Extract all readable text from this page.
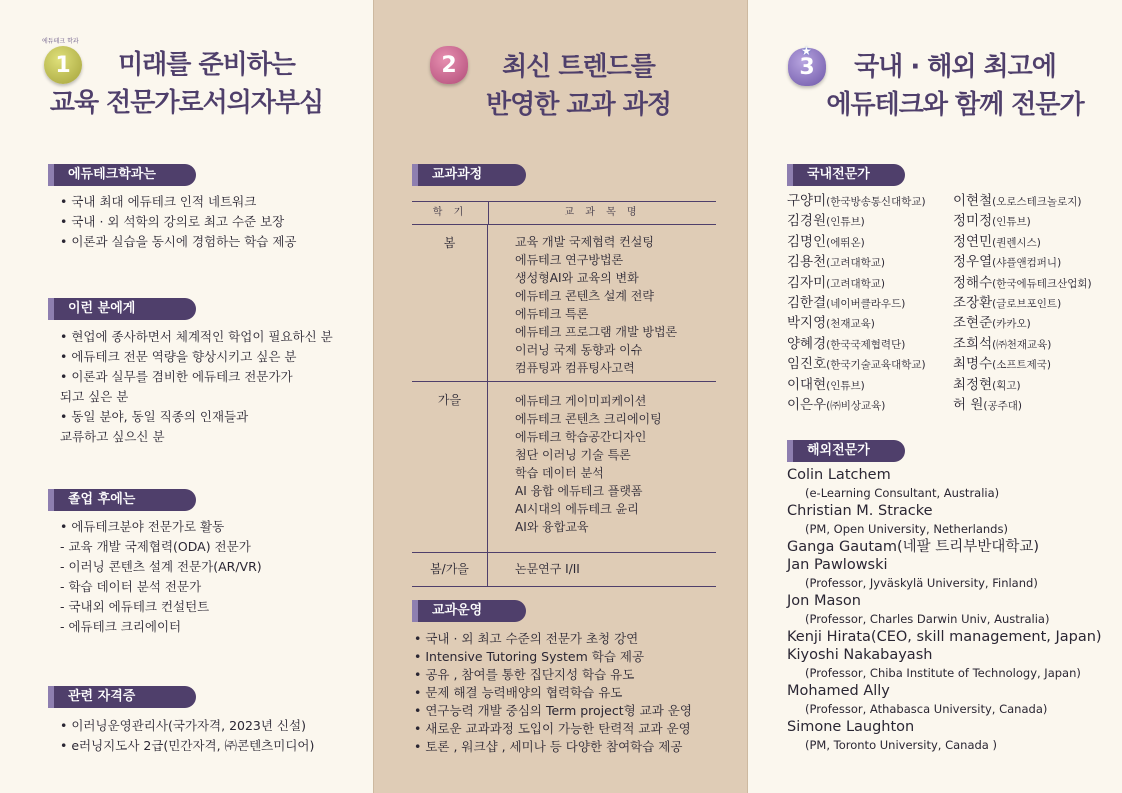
에듀테크 학과
1	미래를 준비하는
교육 전문가로서의자부심
에듀테크학과는
• 국내 최대 에듀테크 인적 네트워크
• 국내 · 외 석학의 강의로 최고 수준 보장
• 이론과 실습을 동시에 경험하는 학습 제공
이런 분에게
• 현업에 종사하면서 체계적인 학업이 필요하신 분
• 에듀테크 전문 역량을 향상시키고 싶은 분
• 이론과 실무를 겸비한 에듀테크 전문가가
되고 싶은 분
• 동일 분야, 동일 직종의 인재들과
교류하고 싶으신 분
졸업 후에는
• 에듀테크분야 전문가로 활동
- 교육 개발 국제협력(ODA) 전문가
- 이러닝 콘텐츠 설계 전문가(AR/VR)
- 학습 데이터 분석 전문가
- 국내외 에듀테크 컨설턴트
- 에듀테크 크리에이터
관련 자격증
• 이러닝운영관리사(국가자격, 2023년 신설)
• e러닝지도사 2급(민간자격, ㈜콘텐츠미디어)
2	최신 트렌드를
반영한 교과 과정
★
3	국내 · 해외 최고에
에듀테크와 함께 전문가
교과과정
학 기	교 과 목 명
봄	교육 개발 국제협력 컨설팅
에듀테크 연구방법론
생성형AI와 교육의 변화
에듀테크 콘텐츠 설계 전략
에듀테크 특론
에듀테크 프로그램 개발 방법론
이러닝 국제 동향과 이슈
컴퓨팅과 컴퓨팅사고력
가을	에듀테크 게이미피케이션
에듀테크 콘텐츠 크리에이팅
에듀테크 학습공간디자인
첨단 이러닝 기술 특론
학습 데이터 분석
AI 융합 에듀테크 플랫폼
AI시대의 에듀테크 윤리
AI와 융합교육
봄/가을	논문연구 I/II
교과운영
• 국내 · 외 최고 수준의 전문가 초청 강연
• Intensive Tutoring System 학습 제공
• 공유 , 참여를 통한 집단지성 학습 유도
• 문제 해결 능력배양의 협력학습 유도
• 연구능력 개발 중심의 Term project형 교과 운영
• 새로운 교과과정 도입이 가능한 탄력적 교과 운영
• 토론 , 워크샵 , 세미나 등 다양한 참여학습 제공
국내전문가
구양미(한국방송통신대학교)
김경원(인튜브)
김명인(에뛰온)
김용천(고려대학교)
김자미(고려대학교)
김한결(네이버클라우드)
박지영(천재교육)
양혜경(한국국제협력단)
임진호(한국기술교육대학교)
이대현(인튜브)
이은우(㈜비상교육)
이현철(오로스테크놀로지)
정미정(인튜브)
정연민(퀀렌시스)
정우열(샤플앤컴퍼니)
정해수(한국에듀테크산업회)
조장환(글로브포인트)
조현준(카카오)
조희석(㈜천재교육)
최명수(소프트제국)
최정현(획고)
허 원(공주대)
해외전문가
Colin Latchem
(e-Learning Consultant, Australia)
Christian M. Stracke
(PM, Open University, Netherlands)
Ganga Gautam(네팔 트리부반대학교)
Jan Pawlowski
(Professor, Jyväskylä University, Finland)
Jon Mason
(Professor, Charles Darwin Univ, Australia)
Kenji Hirata(CEO, skill management, Japan)
Kiyoshi Nakabayash
(Professor, Chiba Institute of Technology, Japan)
Mohamed Ally
(Professor, Athabasca University, Canada)
Simone Laughton
(PM, Toronto University, Canada )
